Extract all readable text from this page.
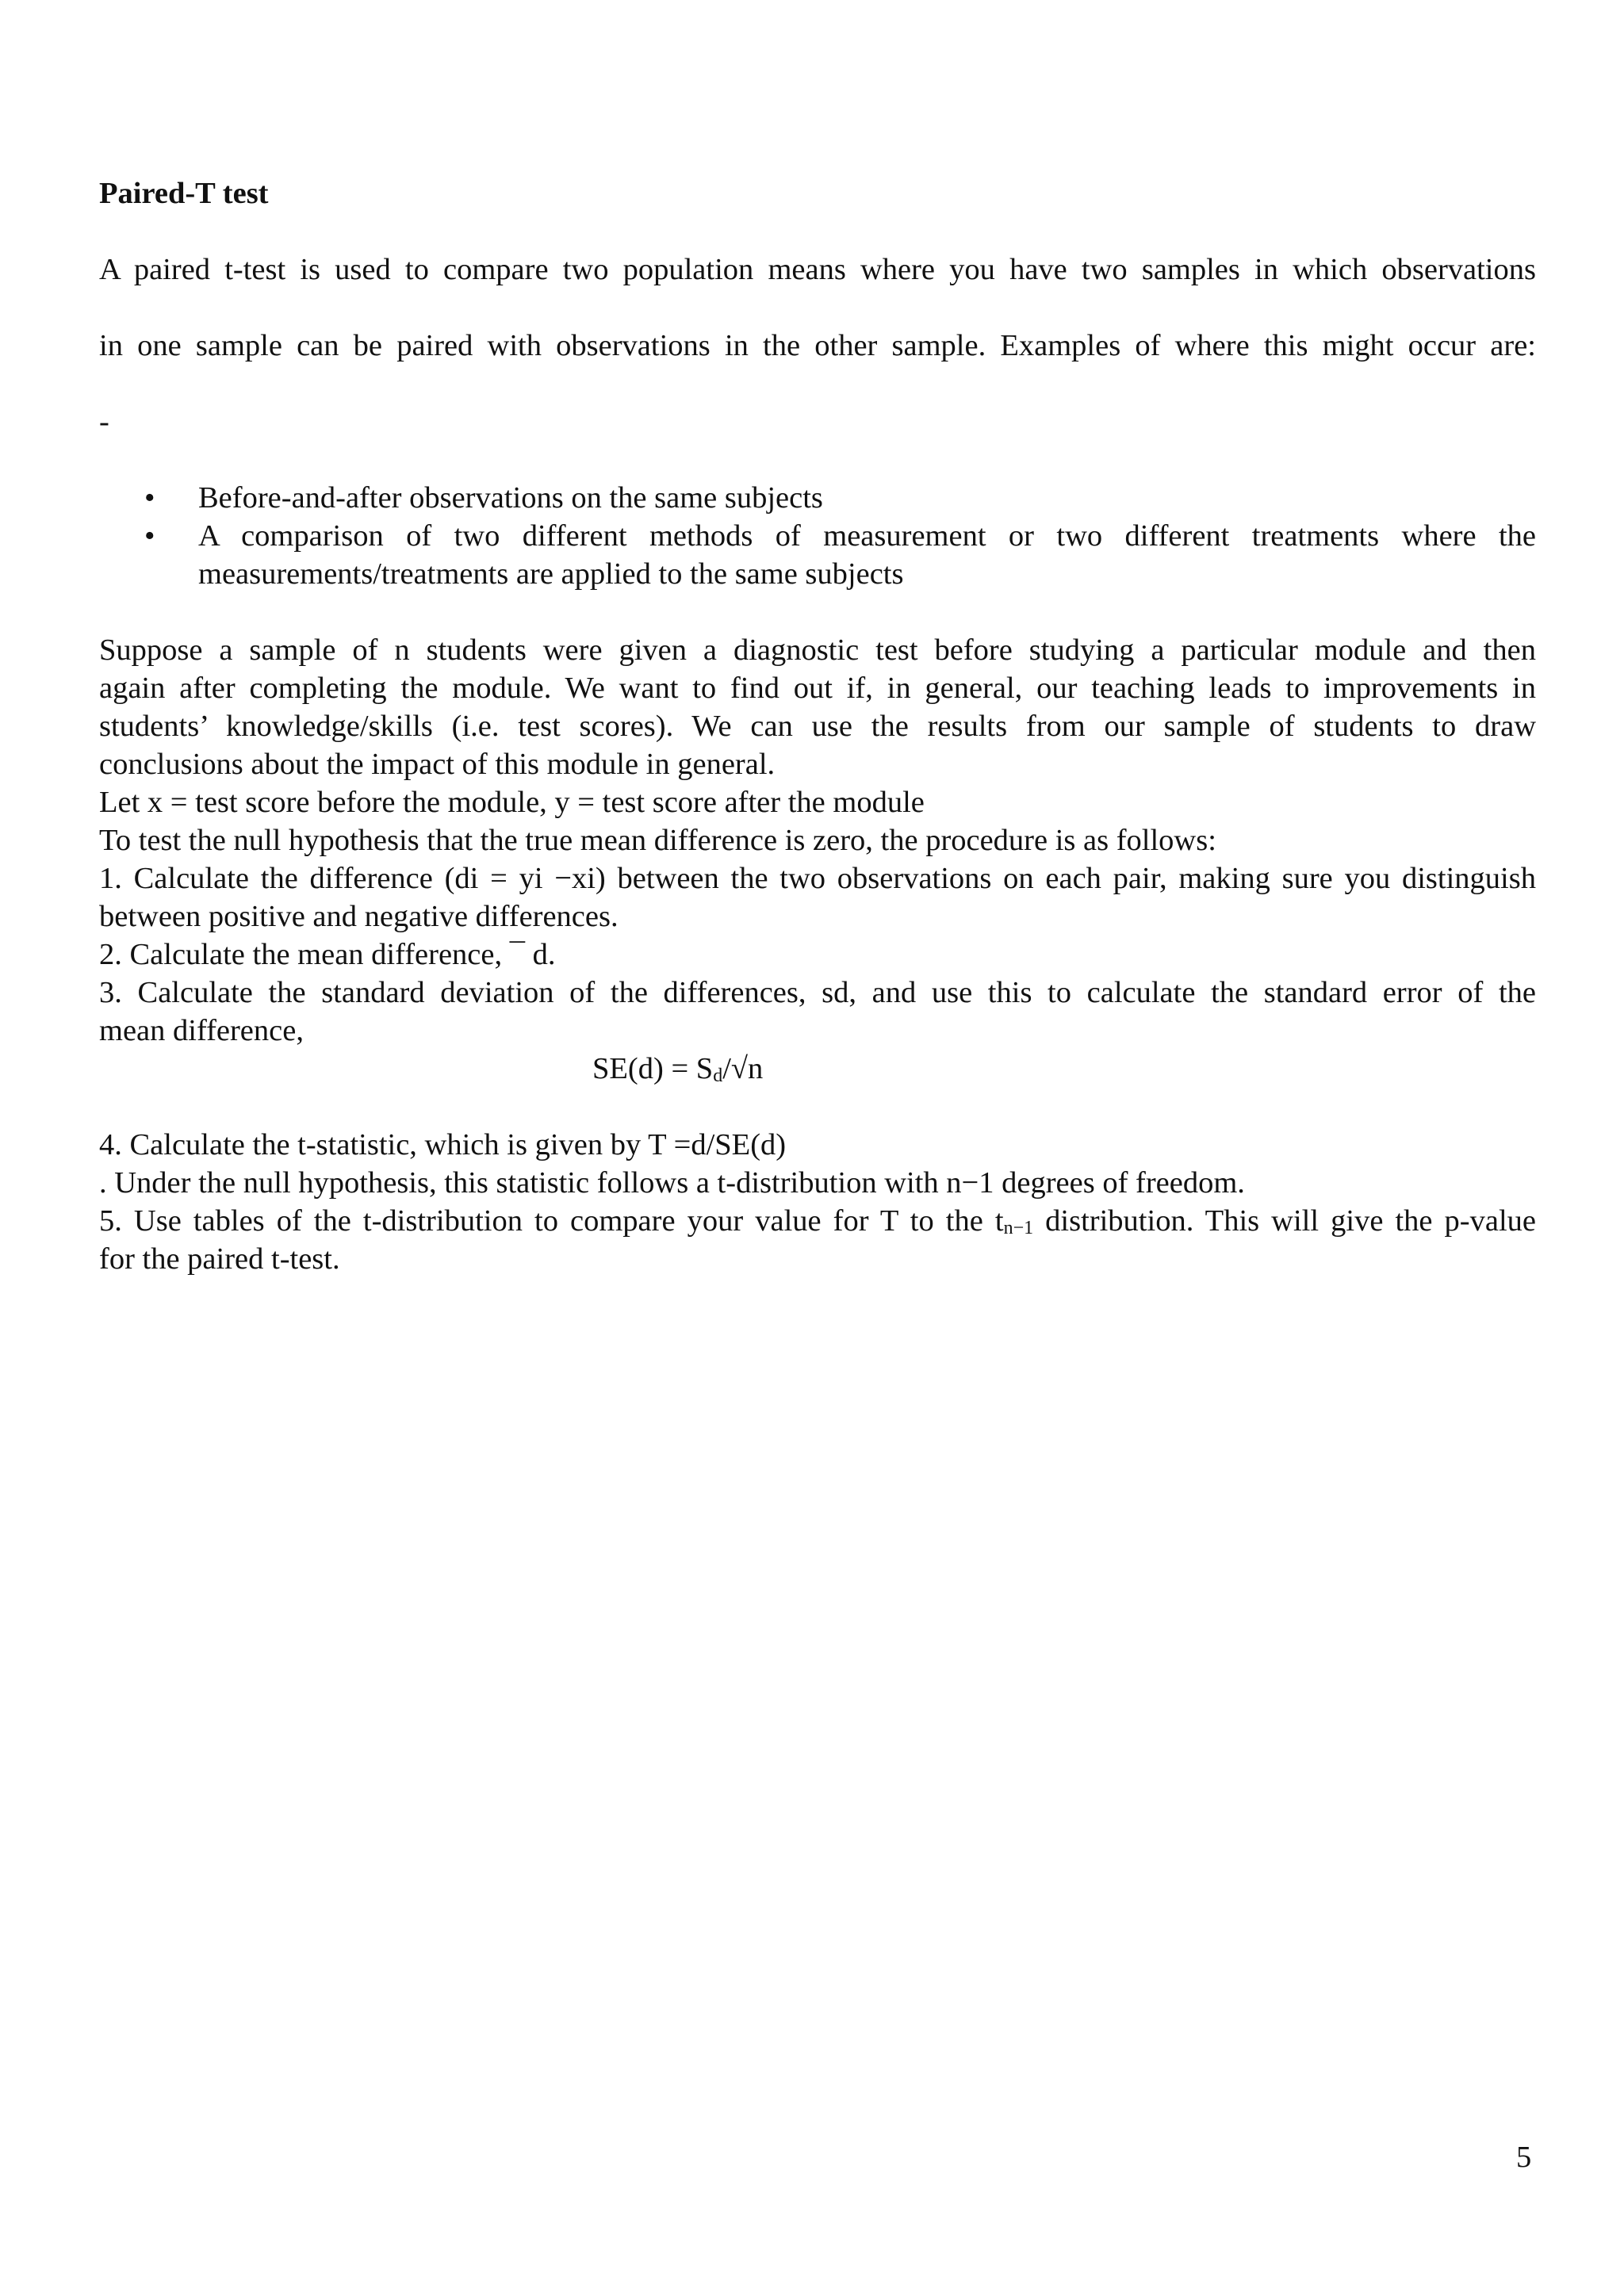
Paired-T test

A paired t-test is used to compare two population means where you have two samples in which observations

in one sample can be paired with observations in the other sample. Examples of where this might occur are:

-

• Before-and-after observations on the same subjects
• A comparison of two different methods of measurement or two different treatments where the
measurements/treatments are applied to the same subjects
Suppose a sample of n students were given a diagnostic test before studying a particular module and then
again after completing the module. We want to find out if, in general, our teaching leads to improvements in
students’ knowledge/skills (i.e. test scores). We can use the results from our sample of students to draw
conclusions about the impact of this module in general.
Let x = test score before the module, y = test score after the module
To test the null hypothesis that the true mean difference is zero, the procedure is as follows:
1. Calculate the difference (di = yi −xi) between the two observations on each pair, making sure you distinguish
between positive and negative differences.
2. Calculate the mean difference, ¯ d.
3. Calculate the standard deviation of the differences, sd, and use this to calculate the standard error of the
mean difference,
$SE(d) = S_d/√n$
4. Calculate the t-statistic, which is given by T =d/SE(d)
. Under the null hypothesis, this statistic follows a t-distribution with n−1 degrees of freedom.
5. Use tables of the t-distribution to compare your value for T to the $t_{n-1}$ distribution. This will give the p-value
for the paired t-test.
5
